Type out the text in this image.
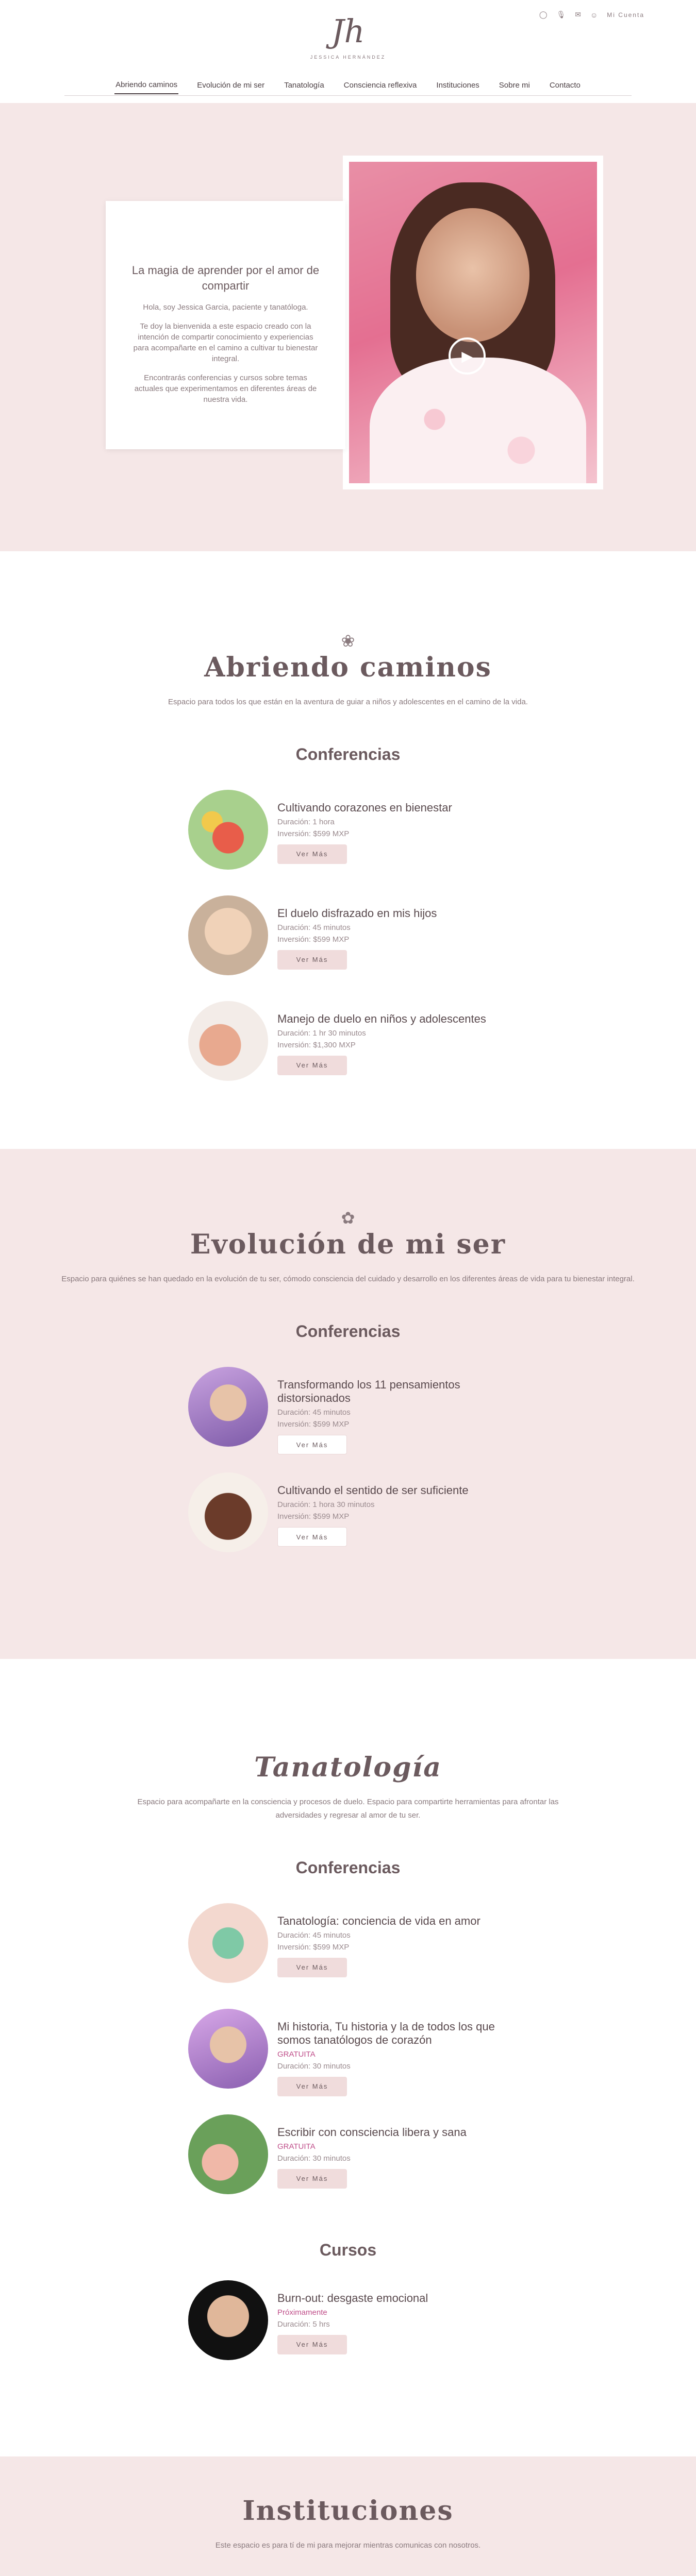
Jh
JESSICA HERNÁNDEZ
◯ 🎙 ✉ ☺ Mi Cuenta
Abriendo caminos	Evolución de mi ser	Tanatología	Consciencia reflexiva	Instituciones	Sobre mi	Contacto
▶
La magia de aprender por el amor de compartir

Hola, soy Jessica Garcia, paciente y tanatóloga.

Te doy la bienvenida a este espacio creado con la intención de compartir conocimiento y experiencias para acompañarte en el camino a cultivar tu bienestar integral.

Encontrarás conferencias y cursos sobre temas actuales que experimentamos en diferentes áreas de nuestra vida.

❀
Abriendo caminos

Espacio para todos los que están en la aventura de guiar a niños y adolescentes en el camino de la vida.

Conferencias
Cultivando corazones en bienestar
Duración: 1 hora
Inversión: $599 MXP
Ver Más
El duelo disfrazado en mis hijos
Duración: 45 minutos
Inversión: $599 MXP
Ver Más
Manejo de duelo en niños y adolescentes
Duración: 1 hr 30 minutos
Inversión: $1,300 MXP
Ver Más
✿
Evolución de mi ser

Espacio para quiénes se han quedado en la evolución de tu ser, cómodo consciencia del cuidado y desarrollo en los diferentes áreas de vida para tu bienestar integral.

Conferencias
Transformando los 11 pensamientos distorsionados
Duración: 45 minutos
Inversión: $599 MXP
Ver Más
Cultivando el sentido de ser suficiente
Duración: 1 hora 30 minutos
Inversión: $599 MXP
Ver Más
Tanatología

Espacio para acompañarte en la consciencia y procesos de duelo. Espacio para compartirte herramientas para afrontar las adversidades y regresar al amor de tu ser.

Conferencias
Tanatología: conciencia de vida en amor
Duración: 45 minutos
Inversión: $599 MXP
Ver Más
Mi historia, Tu historia y la de todos los que somos tanatólogos de corazón
GRATUITA
Duración: 30 minutos
Ver Más
Escribir con consciencia libera y sana
GRATUITA
Duración: 30 minutos
Ver Más
Cursos
Burn-out: desgaste emocional
Próximamente
Duración: 5 hrs
Ver Más
Instituciones

Este espacio es para tí de mi para mejorar mientras comunicas con nosotros.
